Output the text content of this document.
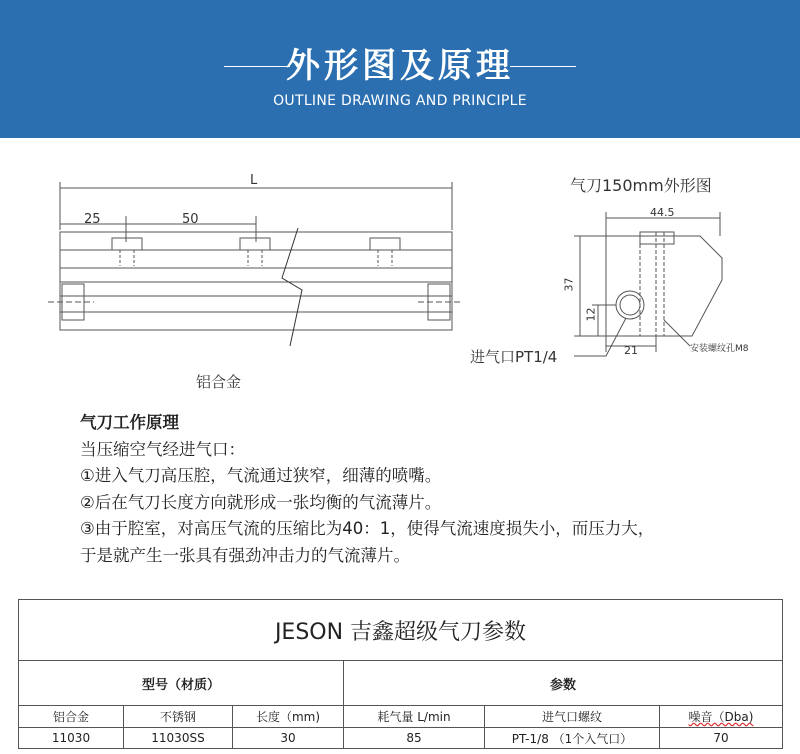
外形图及原理
OUTLINE DRAWING AND PRINCIPLE
L
25	50
铝合金
气刀150mm外形图
44.5
37
12
21
进气口PT1/4	安装螺纹孔M8
气刀工作原理
当压缩空气经进气口：
①进入气刀高压腔，气流通过狭窄，细薄的喷嘴。
②后在气刀长度方向就形成一张均衡的气流薄片。
③由于腔室，对高压气流的压缩比为40：1，使得气流速度损失小，而压力大，
于是就产生一张具有强劲冲击力的气流薄片。
JESON 吉鑫超级气刀参数					
型号（材质）			参数		
铝合金	不锈钢	长度（mm)	耗气量 L/min	进气口螺纹	噪音（Dba)
11030	11030SS	30	85	PT-1/8 （1个入气口）	70
